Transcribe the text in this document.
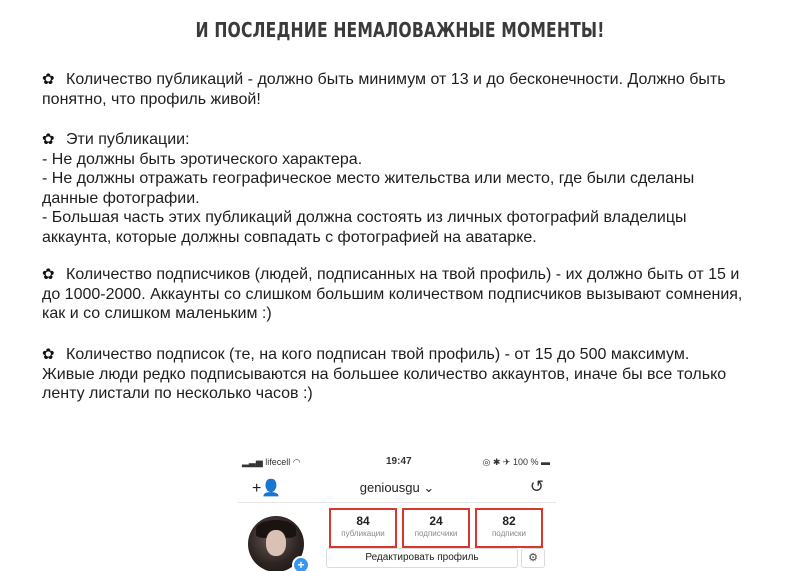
И ПОСЛЕДНИЕ НЕМАЛОВАЖНЫЕ МОМЕНТЫ!
✿ Количество публикаций - должно быть минимум от 13 и до бесконечности. Должно быть
понятно, что профиль живой!
✿ Эти публикации:
- Не должны быть эротического характера.
- Не должны отражать географическое место жительства или место, где были сделаны
данные фотографии.
- Большая часть этих публикаций должна состоять из личных фотографий владелицы
аккаунта, которые должны совпадать с фотографией на аватарке.
✿ Количество подписчиков (людей, подписанных на твой профиль) - их должно быть от 15 и
до 1000-2000. Аккаунты со слишком большим количеством подписчиков вызывают сомнения,
как и со слишком маленьким :)
✿ Количество подписок (те, на кого подписан твой профиль) - от 15 до 500 максимум.
Живые люди редко подписываются на большее количество аккаунтов, иначе бы все только
ленту листали по несколько часов :)
▂▃▅ lifecell ◠	19:47	◎ ✱ ✈ 100 % ▬
+👤	geniousgu ⌄	↺
+
84
публикации
24
подписчики
82
подписки
Редактировать профиль	⚙
